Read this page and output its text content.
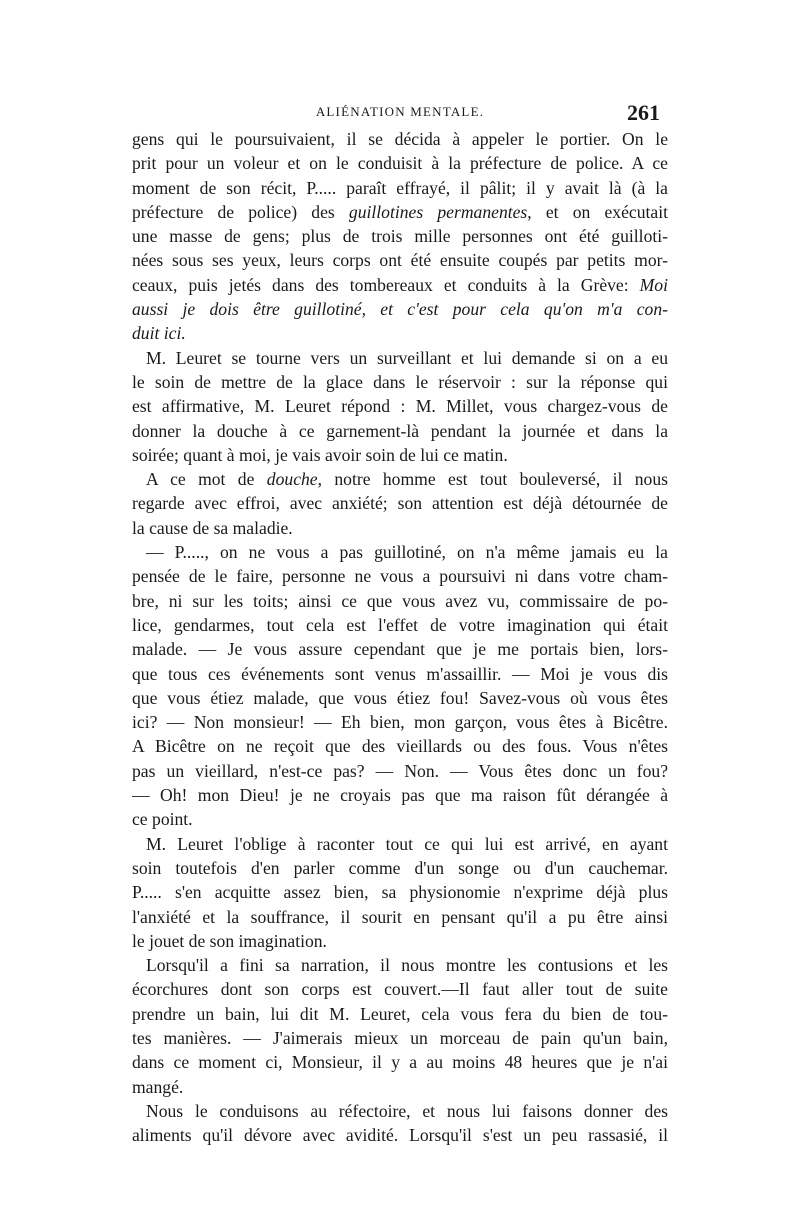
ALIÉNATION MENTALE.	261
gens qui le poursuivaient, il se décida à appeler le portier. On le
prit pour un voleur et on le conduisit à la préfecture de police. A ce
moment de son récit, P..... paraît effrayé, il pâlit; il y avait là (à la
préfecture de police) des guillotines permanentes, et on exécutait
une masse de gens; plus de trois mille personnes ont été guilloti-
nées sous ses yeux, leurs corps ont été ensuite coupés par petits mor-
ceaux, puis jetés dans des tombereaux et conduits à la Grève: Moi
aussi je dois être guillotiné, et c'est pour cela qu'on m'a con-
duit ici.
M. Leuret se tourne vers un surveillant et lui demande si on a eu
le soin de mettre de la glace dans le réservoir : sur la réponse qui
est affirmative, M. Leuret répond : M. Millet, vous chargez-vous de
donner la douche à ce garnement-là pendant la journée et dans la
soirée; quant à moi, je vais avoir soin de lui ce matin.
A ce mot de douche, notre homme est tout bouleversé, il nous
regarde avec effroi, avec anxiété; son attention est déjà détournée de
la cause de sa maladie.
— P....., on ne vous a pas guillotiné, on n'a même jamais eu la
pensée de le faire, personne ne vous a poursuivi ni dans votre cham-
bre, ni sur les toits; ainsi ce que vous avez vu, commissaire de po-
lice, gendarmes, tout cela est l'effet de votre imagination qui était
malade. — Je vous assure cependant que je me portais bien, lors-
que tous ces événements sont venus m'assaillir. — Moi je vous dis
que vous étiez malade, que vous étiez fou! Savez-vous où vous êtes
ici? — Non monsieur! — Eh bien, mon garçon, vous êtes à Bicêtre.
A Bicêtre on ne reçoit que des vieillards ou des fous. Vous n'êtes
pas un vieillard, n'est-ce pas? — Non. — Vous êtes donc un fou?
— Oh! mon Dieu! je ne croyais pas que ma raison fût dérangée à
ce point.
M. Leuret l'oblige à raconter tout ce qui lui est arrivé, en ayant
soin toutefois d'en parler comme d'un songe ou d'un cauchemar.
P..... s'en acquitte assez bien, sa physionomie n'exprime déjà plus
l'anxiété et la souffrance, il sourit en pensant qu'il a pu être ainsi
le jouet de son imagination.
Lorsqu'il a fini sa narration, il nous montre les contusions et les
écorchures dont son corps est couvert.—Il faut aller tout de suite
prendre un bain, lui dit M. Leuret, cela vous fera du bien de tou-
tes manières. — J'aimerais mieux un morceau de pain qu'un bain,
dans ce moment ci, Monsieur, il y a au moins 48 heures que je n'ai
mangé.
Nous le conduisons au réfectoire, et nous lui faisons donner des
aliments qu'il dévore avec avidité. Lorsqu'il s'est un peu rassasié, il
